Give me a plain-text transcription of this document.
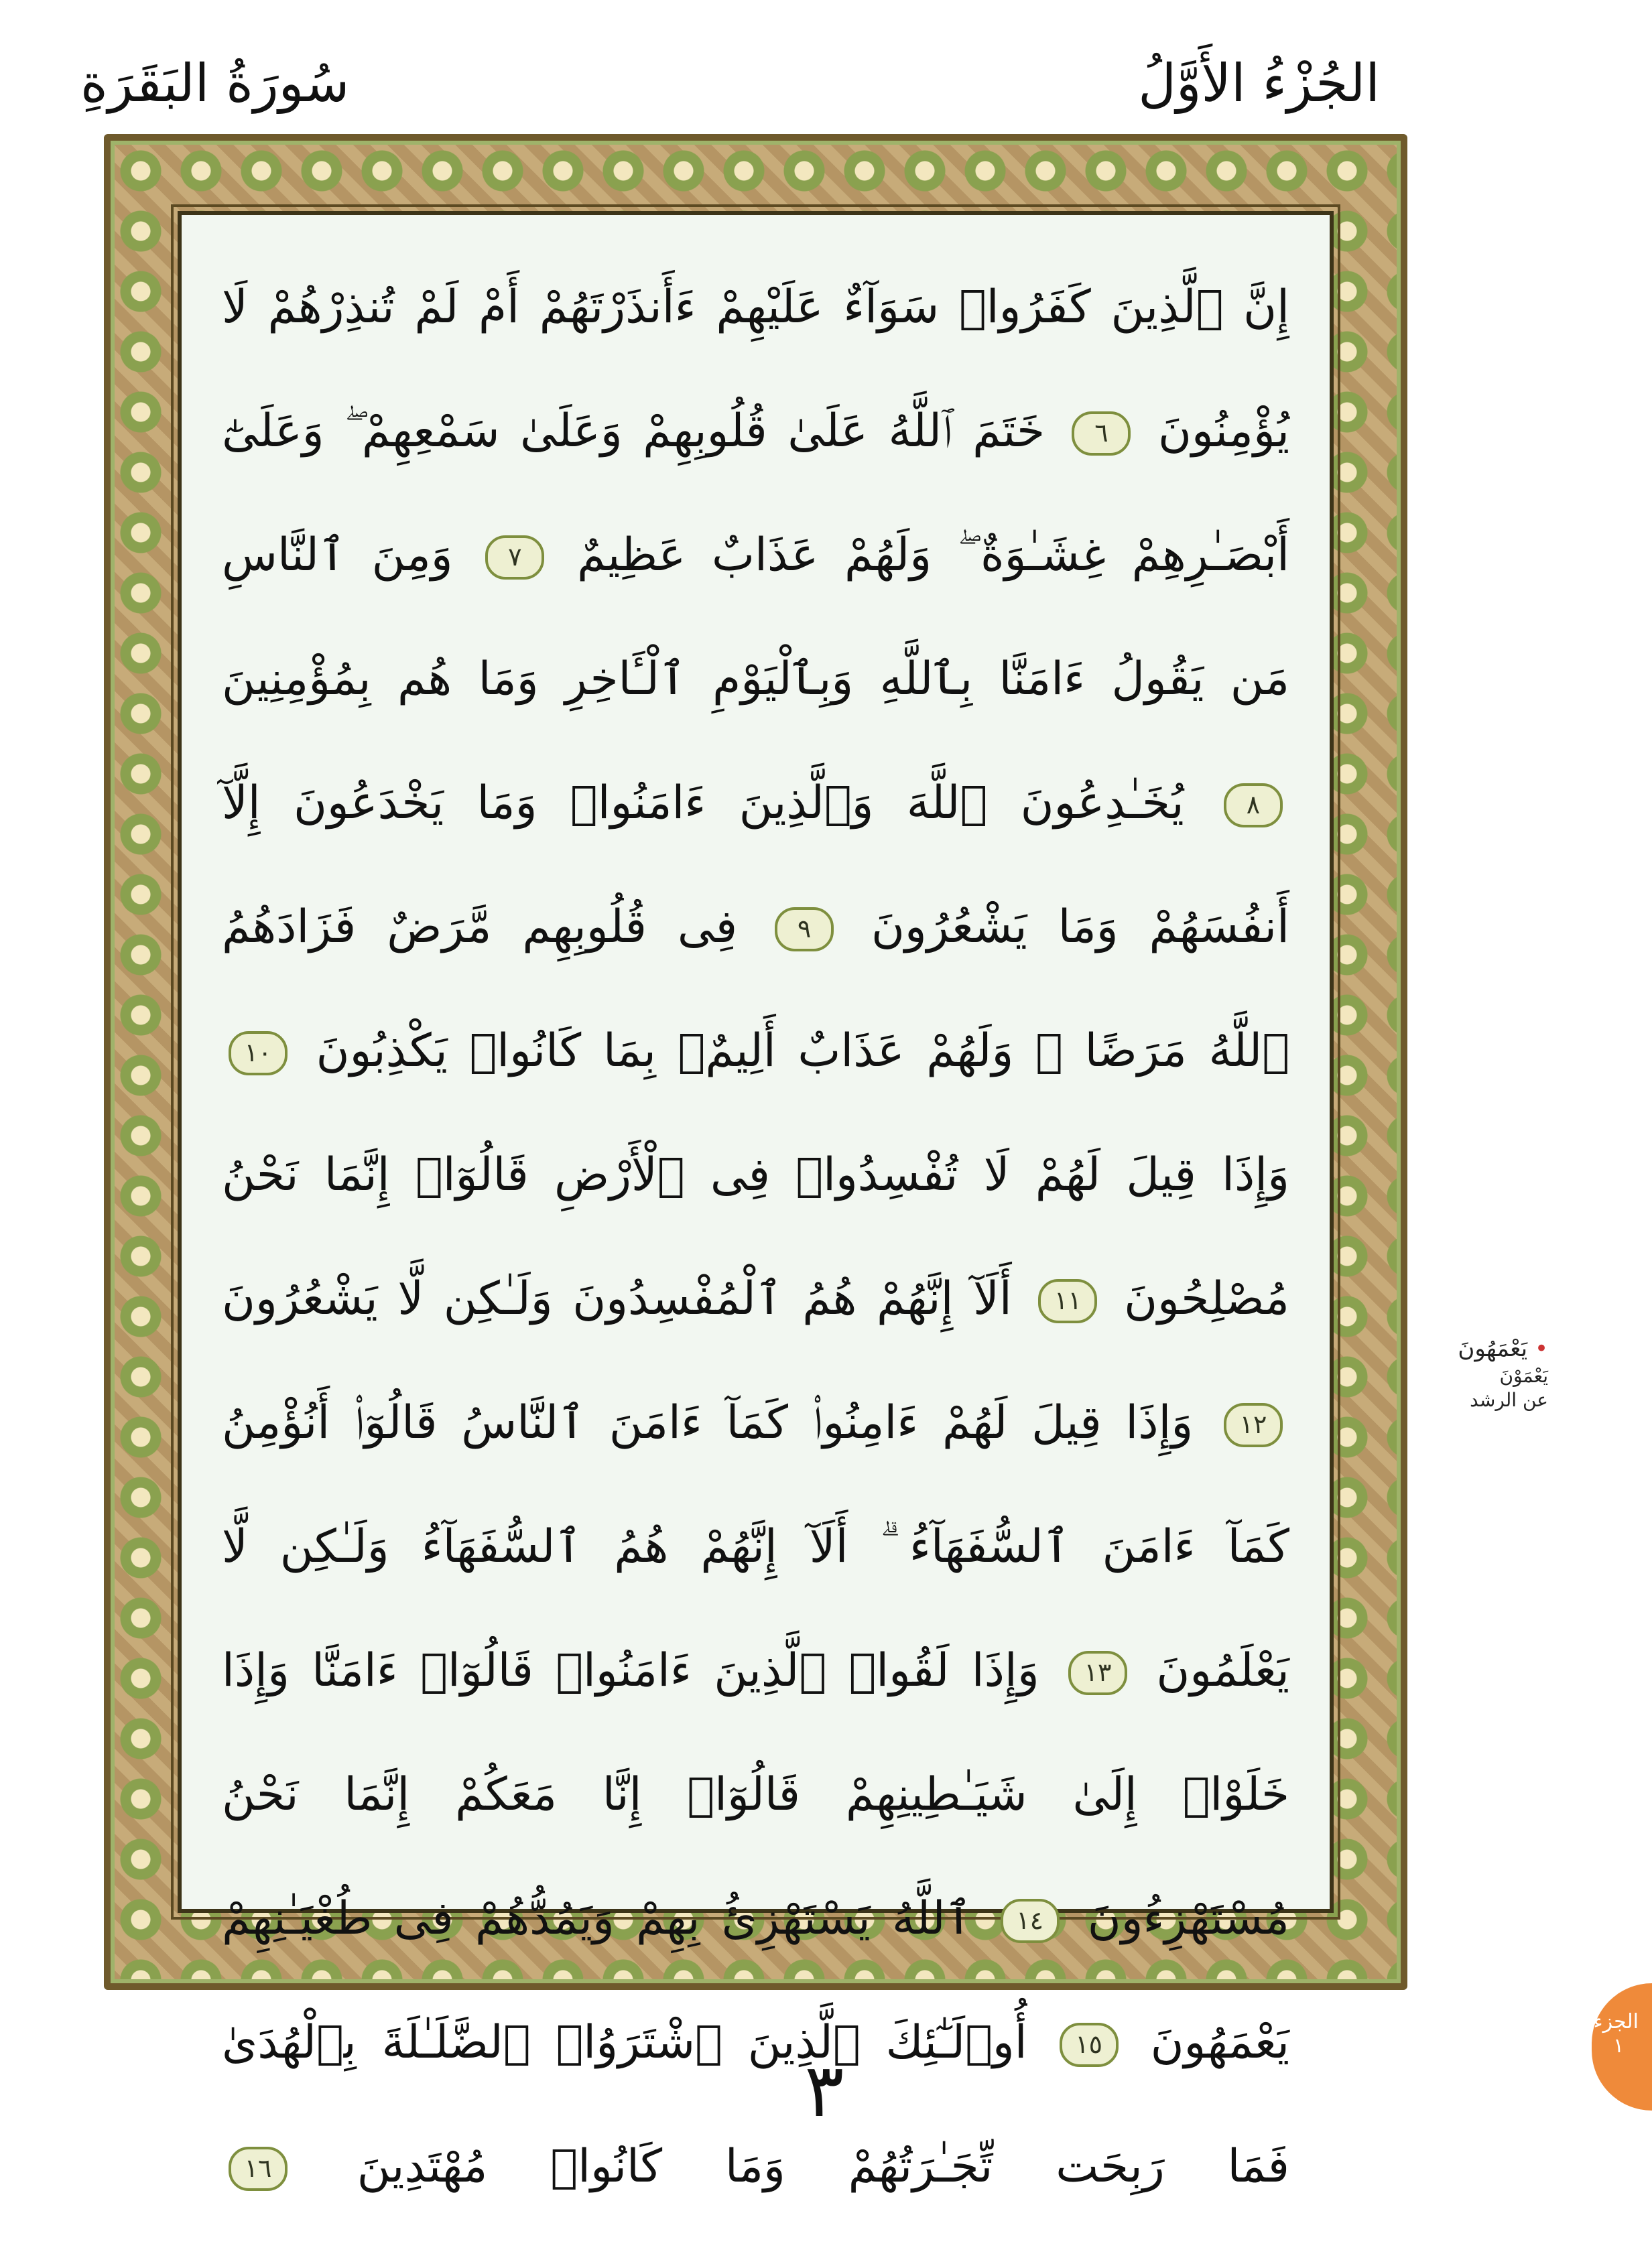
الجُزْءُ الأَوَّلُ
سُورَةُ البَقَرَةِ
إِنَّ ٱلَّذِينَ كَفَرُوا۟ سَوَآءٌ عَلَيْهِمْ ءَأَنذَرْتَهُمْ أَمْ لَمْ تُنذِرْهُمْ لَا يُؤْمِنُونَ ٦ خَتَمَ ٱللَّهُ عَلَىٰ قُلُوبِهِمْ وَعَلَىٰ سَمْعِهِمْ ۖ وَعَلَىٰٓ أَبْصَـٰرِهِمْ غِشَـٰوَةٌ ۖ وَلَهُمْ عَذَابٌ عَظِيمٌ ٧ وَمِنَ ٱلنَّاسِ مَن يَقُولُ ءَامَنَّا بِٱللَّهِ وَبِٱلْيَوْمِ ٱلْـَٔاخِرِ وَمَا هُم بِمُؤْمِنِينَ ٨ يُخَـٰدِعُونَ ٱللَّهَ وَٱلَّذِينَ ءَامَنُوا۟ وَمَا يَخْدَعُونَ إِلَّآ أَنفُسَهُمْ وَمَا يَشْعُرُونَ ٩ فِى قُلُوبِهِم مَّرَضٌ فَزَادَهُمُ ٱللَّهُ مَرَضًا ۖ وَلَهُمْ عَذَابٌ أَلِيمٌۢ بِمَا كَانُوا۟ يَكْذِبُونَ ١٠ وَإِذَا قِيلَ لَهُمْ لَا تُفْسِدُوا۟ فِى ٱلْأَرْضِ قَالُوٓا۟ إِنَّمَا نَحْنُ مُصْلِحُونَ ١١ أَلَآ إِنَّهُمْ هُمُ ٱلْمُفْسِدُونَ وَلَـٰكِن لَّا يَشْعُرُونَ ١٢ وَإِذَا قِيلَ لَهُمْ ءَامِنُوا۟ كَمَآ ءَامَنَ ٱلنَّاسُ قَالُوٓا۟ أَنُؤْمِنُ كَمَآ ءَامَنَ ٱلسُّفَهَآءُ ۗ أَلَآ إِنَّهُمْ هُمُ ٱلسُّفَهَآءُ وَلَـٰكِن لَّا يَعْلَمُونَ ١٣ وَإِذَا لَقُوا۟ ٱلَّذِينَ ءَامَنُوا۟ قَالُوٓا۟ ءَامَنَّا وَإِذَا خَلَوْا۟ إِلَىٰ شَيَـٰطِينِهِمْ قَالُوٓا۟ إِنَّا مَعَكُمْ إِنَّمَا نَحْنُ مُسْتَهْزِءُونَ ١٤ ٱللَّهُ يَسْتَهْزِئُ بِهِمْ وَيَمُدُّهُمْ فِى طُغْيَـٰنِهِمْ يَعْمَهُونَ ١٥ أُو۟لَـٰٓئِكَ ٱلَّذِينَ ٱشْتَرَوُا۟ ٱلضَّلَـٰلَةَ بِٱلْهُدَىٰ فَمَا رَبِحَت تِّجَـٰرَتُهُمْ وَمَا كَانُوا۟ مُهْتَدِينَ ١٦
• يَعْمَهُونَ
يَعْمَوْنَ
عن الرشد
الجزء ١
٣
